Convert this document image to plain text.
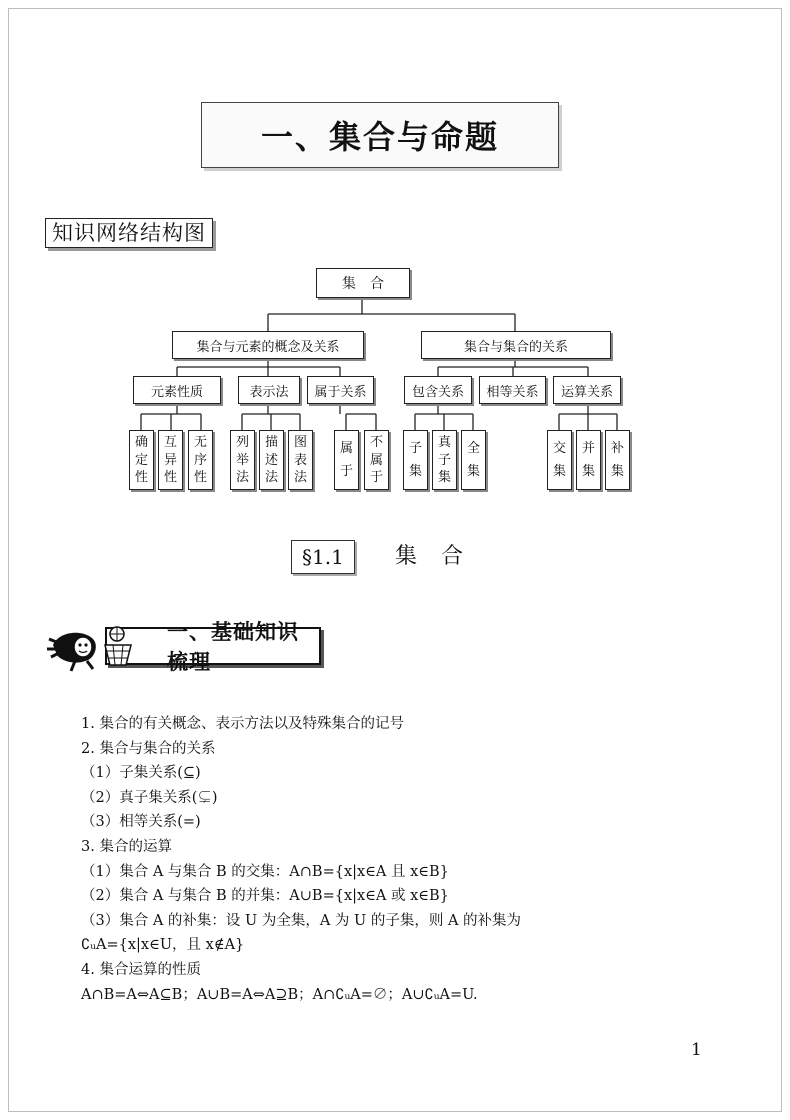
一、集合与命题
知识网络结构图
集　合
集合与元素的概念及关系	集合与集合的关系
元素性质	表示法	属于关系	包含关系	相等关系	运算关系
确
定
性
互
异
性
无
序
性
列
举
法
描
述
法
图
表
法
属
于
不
属
于
子
集
真
子
集
全
集
交
集
并
集
补
集
§1.1	集合
一、基础知识梳理
1. 集合的有关概念、表示方法以及特殊集合的记号
2. 集合与集合的关系
（1）子集关系(⊆)
（2）真子集关系(⊊)
（3）相等关系(=)
3. 集合的运算
（1）集合 A 与集合 B 的交集：A∩B={x|x∈A 且 x∈B}
（2）集合 A 与集合 B 的并集：A∪B={x|x∈A 或 x∈B}
（3）集合 A 的补集：设 U 为全集，A 为 U 的子集，则 A 的补集为
∁ᵤA={x|x∈U，且 x∉A}
4. 集合运算的性质
A∩B=A⇔A⊆B；A∪B=A⇔A⊇B；A∩∁ᵤA=∅；A∪∁ᵤA=U.
1
